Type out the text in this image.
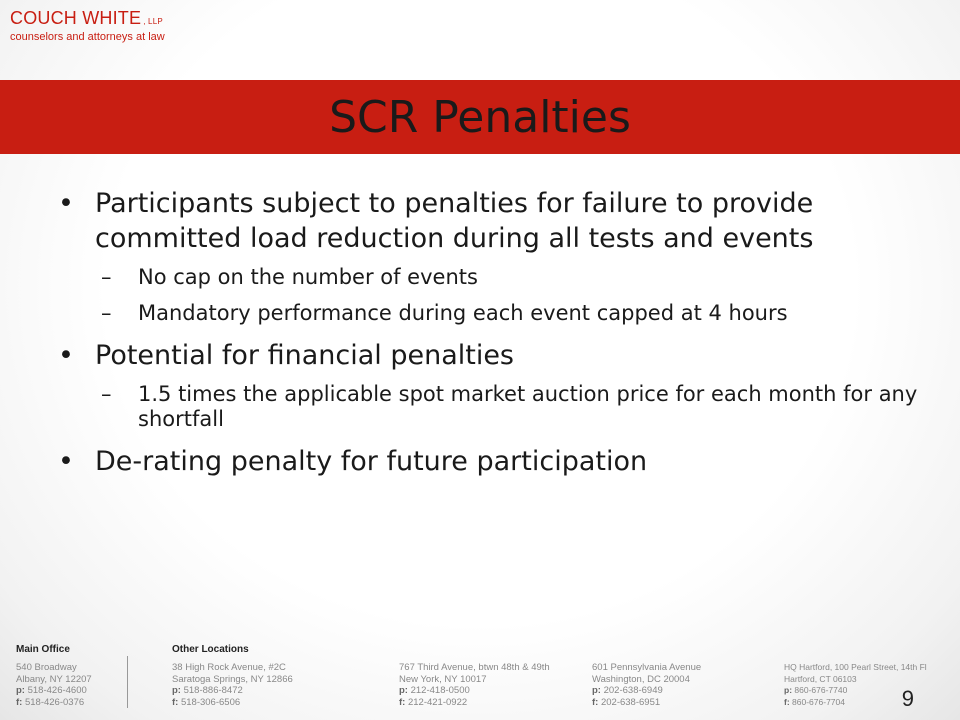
COUCH WHITE , LLP
counselors and attorneys at law
SCR Penalties
• Participants subject to penalties for failure to provide committed load reduction during all tests and events
– No cap on the number of events
– Mandatory performance during each event capped at 4 hours
• Potential for financial penalties
– 1.5 times the applicable spot market auction price for each month for any shortfall
• De-rating penalty for future participation
Main Office	Other Locations
540 Broadway
Albany, NY 12207
p: 518-426-4600
f: 518-426-0376
38 High Rock Avenue, #2C
Saratoga Springs, NY 12866
p: 518-886-8472
f: 518-306-6506
767 Third Avenue, btwn 48th & 49th
New York, NY 10017
p: 212-418-0500
f: 212-421-0922
601 Pennsylvania Avenue
Washington, DC 20004
p: 202-638-6949
f: 202-638-6951
HQ Hartford, 100 Pearl Street, 14th Fl
Hartford, CT 06103
p: 860-676-7740
f: 860-676-7704	9
